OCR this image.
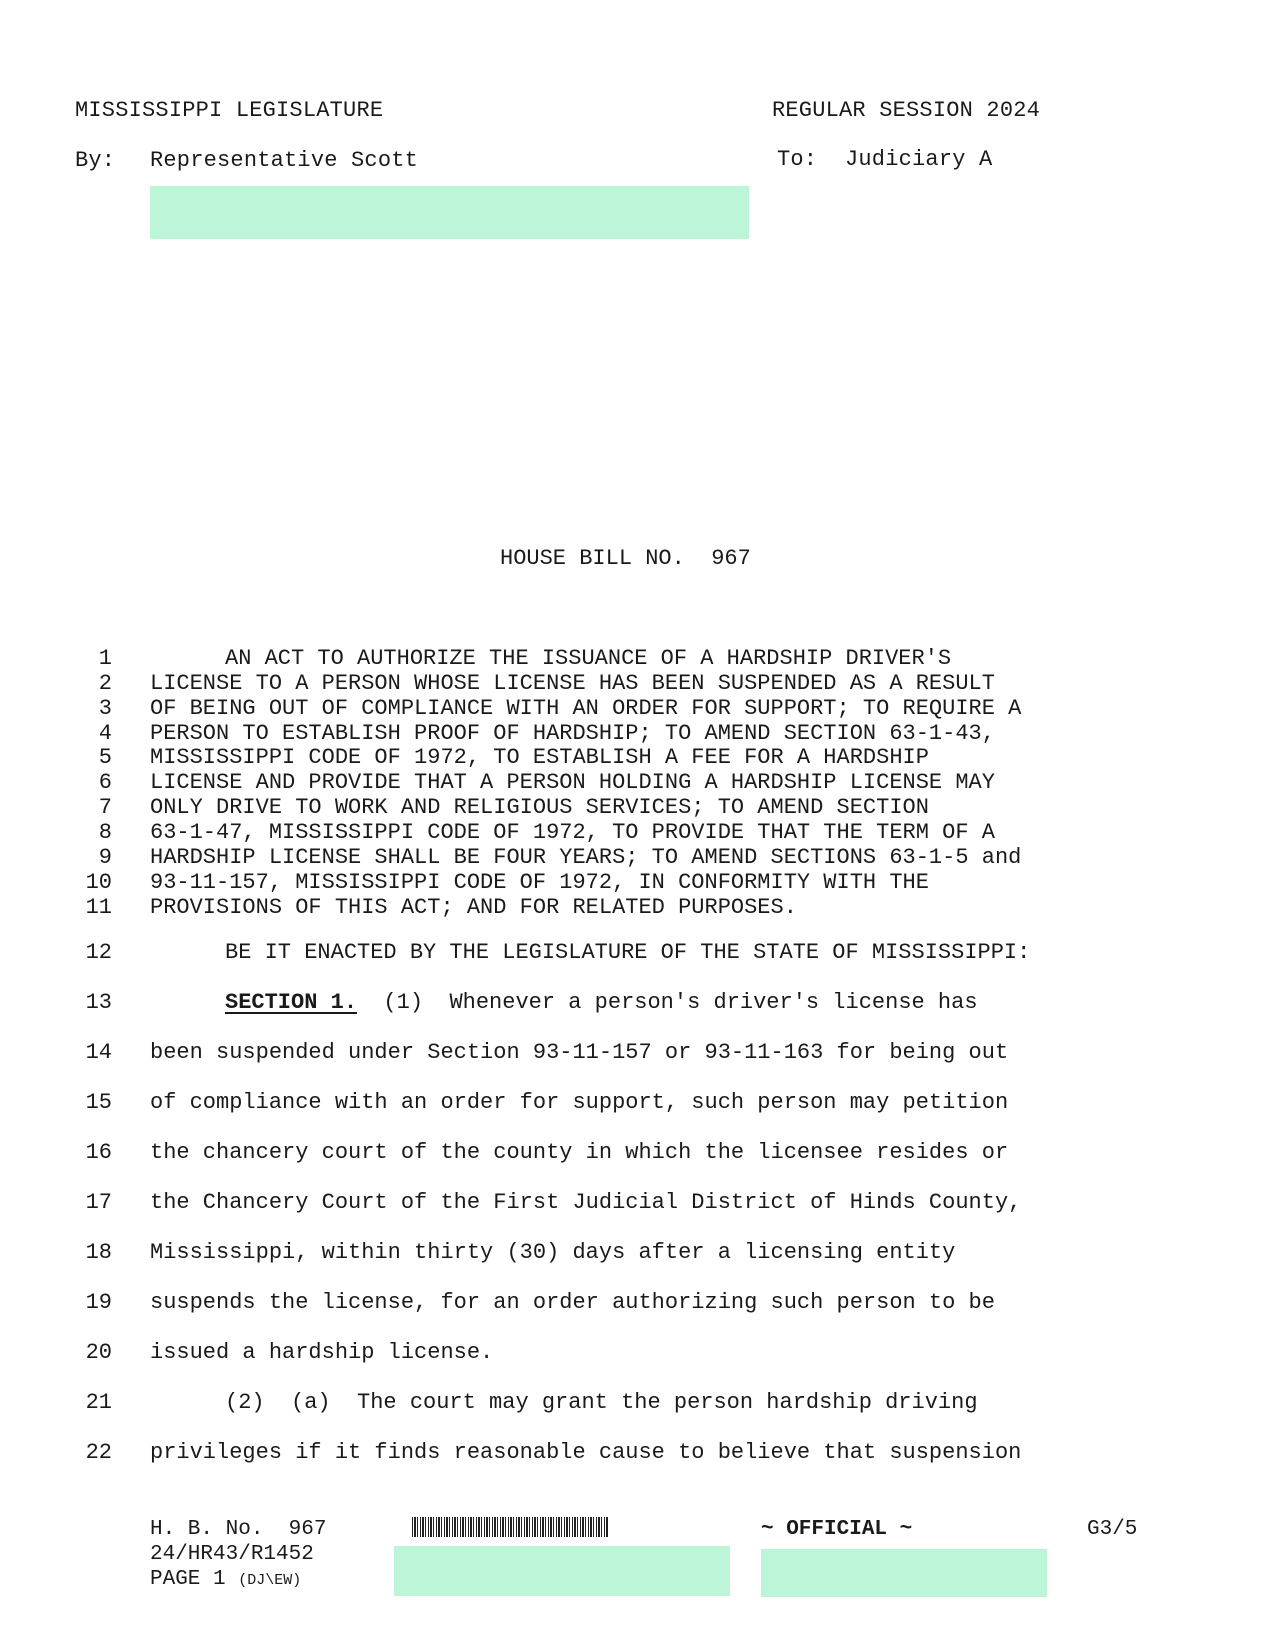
MISSISSIPPI LEGISLATURE	REGULAR SESSION 2024
By: Representative Scott	To: Judiciary A
HOUSE BILL NO.  967
1	AN ACT TO AUTHORIZE THE ISSUANCE OF A HARDSHIP DRIVER'S
2 LICENSE TO A PERSON WHOSE LICENSE HAS BEEN SUSPENDED AS A RESULT
3 OF BEING OUT OF COMPLIANCE WITH AN ORDER FOR SUPPORT; TO REQUIRE A
4 PERSON TO ESTABLISH PROOF OF HARDSHIP; TO AMEND SECTION 63-1-43,
5 MISSISSIPPI CODE OF 1972, TO ESTABLISH A FEE FOR A HARDSHIP
6 LICENSE AND PROVIDE THAT A PERSON HOLDING A HARDSHIP LICENSE MAY
7 ONLY DRIVE TO WORK AND RELIGIOUS SERVICES; TO AMEND SECTION
8 63-1-47, MISSISSIPPI CODE OF 1972, TO PROVIDE THAT THE TERM OF A
9 HARDSHIP LICENSE SHALL BE FOUR YEARS; TO AMEND SECTIONS 63-1-5 and
10 93-11-157, MISSISSIPPI CODE OF 1972, IN CONFORMITY WITH THE
11 PROVISIONS OF THIS ACT; AND FOR RELATED PURPOSES.
12	BE IT ENACTED BY THE LEGISLATURE OF THE STATE OF MISSISSIPPI:
13	SECTION 1.  (1)  Whenever a person's driver's license has
14 been suspended under Section 93-11-157 or 93-11-163 for being out
15 of compliance with an order for support, such person may petition
16 the chancery court of the county in which the licensee resides or
17 the Chancery Court of the First Judicial District of Hinds County,
18 Mississippi, within thirty (30) days after a licensing entity
19 suspends the license, for an order authorizing such person to be
20 issued a hardship license.
21	(2)  (a)  The court may grant the person hardship driving
22 privileges if it finds reasonable cause to believe that suspension
H. B. No.  967
24/HR43/R1452
PAGE 1 (DJ\EW)
~ OFFICIAL ~	G3/5
